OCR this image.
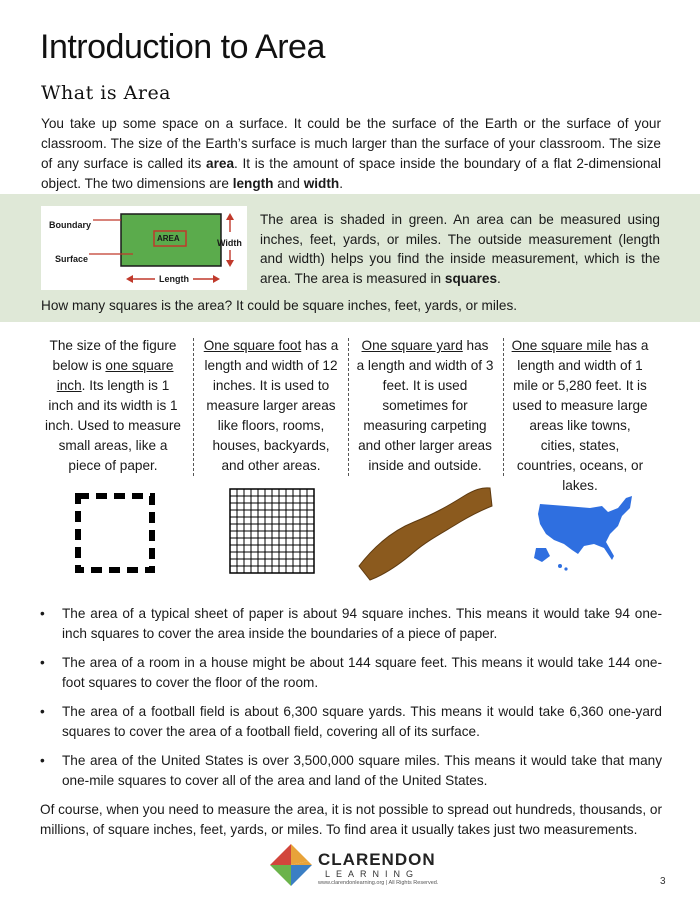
Introduction to Area
What is Area
You take up some space on a surface. It could be the surface of the Earth or the surface of your classroom. The size of the Earth’s surface is much larger than the surface of your classroom. The size of any surface is called its area. It is the amount of space inside the boundary of a flat 2-dimensional object. The two dimensions are length and width.
Boundary
Surface
AREA	Width
Length
The area is shaded in green. An area can be measured using inches, feet, yards, or miles. The outside measurement (length and width) helps you find the inside measurement, which is the area. The area is measured in squares.
How many squares is the area? It could be square inches, feet, yards, or miles.
The size of the figure below is one square inch. Its length is 1 inch and its width is 1 inch. Used to measure small areas, like a piece of paper.
One square foot has a length and width of 12 inches. It is used to measure larger areas like floors, rooms, houses, backyards, and other areas.
One square yard has a length and width of 3 feet. It is used sometimes for measuring carpeting and other larger areas inside and outside.
One square mile has a length and width of 1 mile or 5,280 feet. It is used to measure large areas like towns, cities, states, countries, oceans, or lakes.
• The area of a typical sheet of paper is about 94 square inches. This means it would take 94 one-inch squares to cover the area inside the boundaries of a piece of paper.
• The area of a room in a house might be about 144 square feet. This means it would take 144 one-foot squares to cover the floor of the room.
• The area of a football field is about 6,300 square yards. This means it would take 6,360 one-yard squares to cover the area of a football field, covering all of its surface.
• The area of the United States is over 3,500,000 square miles. This means it would take that many one-mile squares to cover all of the area and land of the United States.
Of course, when you need to measure the area, it is not possible to spread out hundreds, thousands, or millions, of square inches, feet, yards, or miles. To find area it usually takes just two measurements.
CLARENDON
LEARNING
www.clarendonlearning.org | All Rights Reserved.	3
